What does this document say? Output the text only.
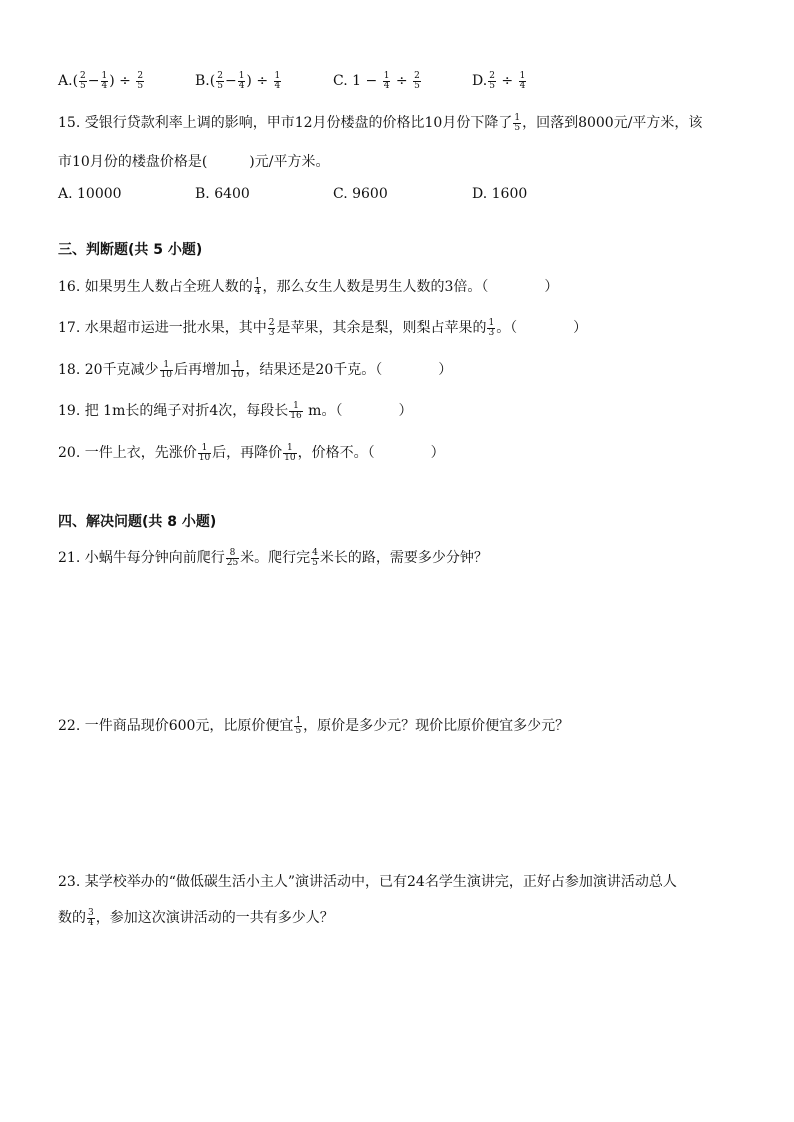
$A.( \frac{2}{5} - \frac{1}{4}$ ) ÷ $\frac{2}{5}$	$B.( \frac{2}{5} - \frac{1}{4}$ ) ÷ $\frac{1}{4}$	C. $1 - \frac{1}{4} \div \frac{2}{5}$	D. $\frac{2}{5} \div \frac{1}{4}$
15. 受银行贷款利率上调的影响，甲市12月份楼盘的价格比10月份下降了 $\frac{1}{5}$ ，回落到8000元/平方米，该
市10月份的楼盘价格是(　　　)元/平方米。
A. 10000	B. 6400	C. 9600	D. 1600
三、判断题(共 5 小题)
16. 如果男生人数占全班人数的 $\frac{1}{4}$ ，那么女生人数是男生人数的3倍。（　　　　）
17. 水果超市运进一批水果，其中 $\frac{2}{3}$ 是苹果，其余是梨，则梨占苹果的 $\frac{1}{3}$ 。（　　　　）
18. 20千克减少 $\frac{1}{10}$ 后再增加 $\frac{1}{10}$ ，结果还是20千克。（　　　　）
19. 把 1m长的绳子对折4次，每段长 $\frac{1}{16}$ m。（　　　　）
20. 一件上衣，先涨价 $\frac{1}{10}$ 后，再降价 $\frac{1}{10}$ ，价格不。（　　　　）
四、解决问题(共 8 小题)
21. 小蜗牛每分钟向前爬行 $\frac{8}{25}$ 米。爬行完 $\frac{4}{5}$ 米长的路，需要多少分钟？
22. 一件商品现价600元，比原价便宜 $\frac{1}{5}$ ，原价是多少元？现价比原价便宜多少元？
23. 某学校举办的“做低碳生活小主人”演讲活动中，已有24名学生演讲完，正好占参加演讲活动总人
数的 $\frac{3}{4}$ ，参加这次演讲活动的一共有多少人？
